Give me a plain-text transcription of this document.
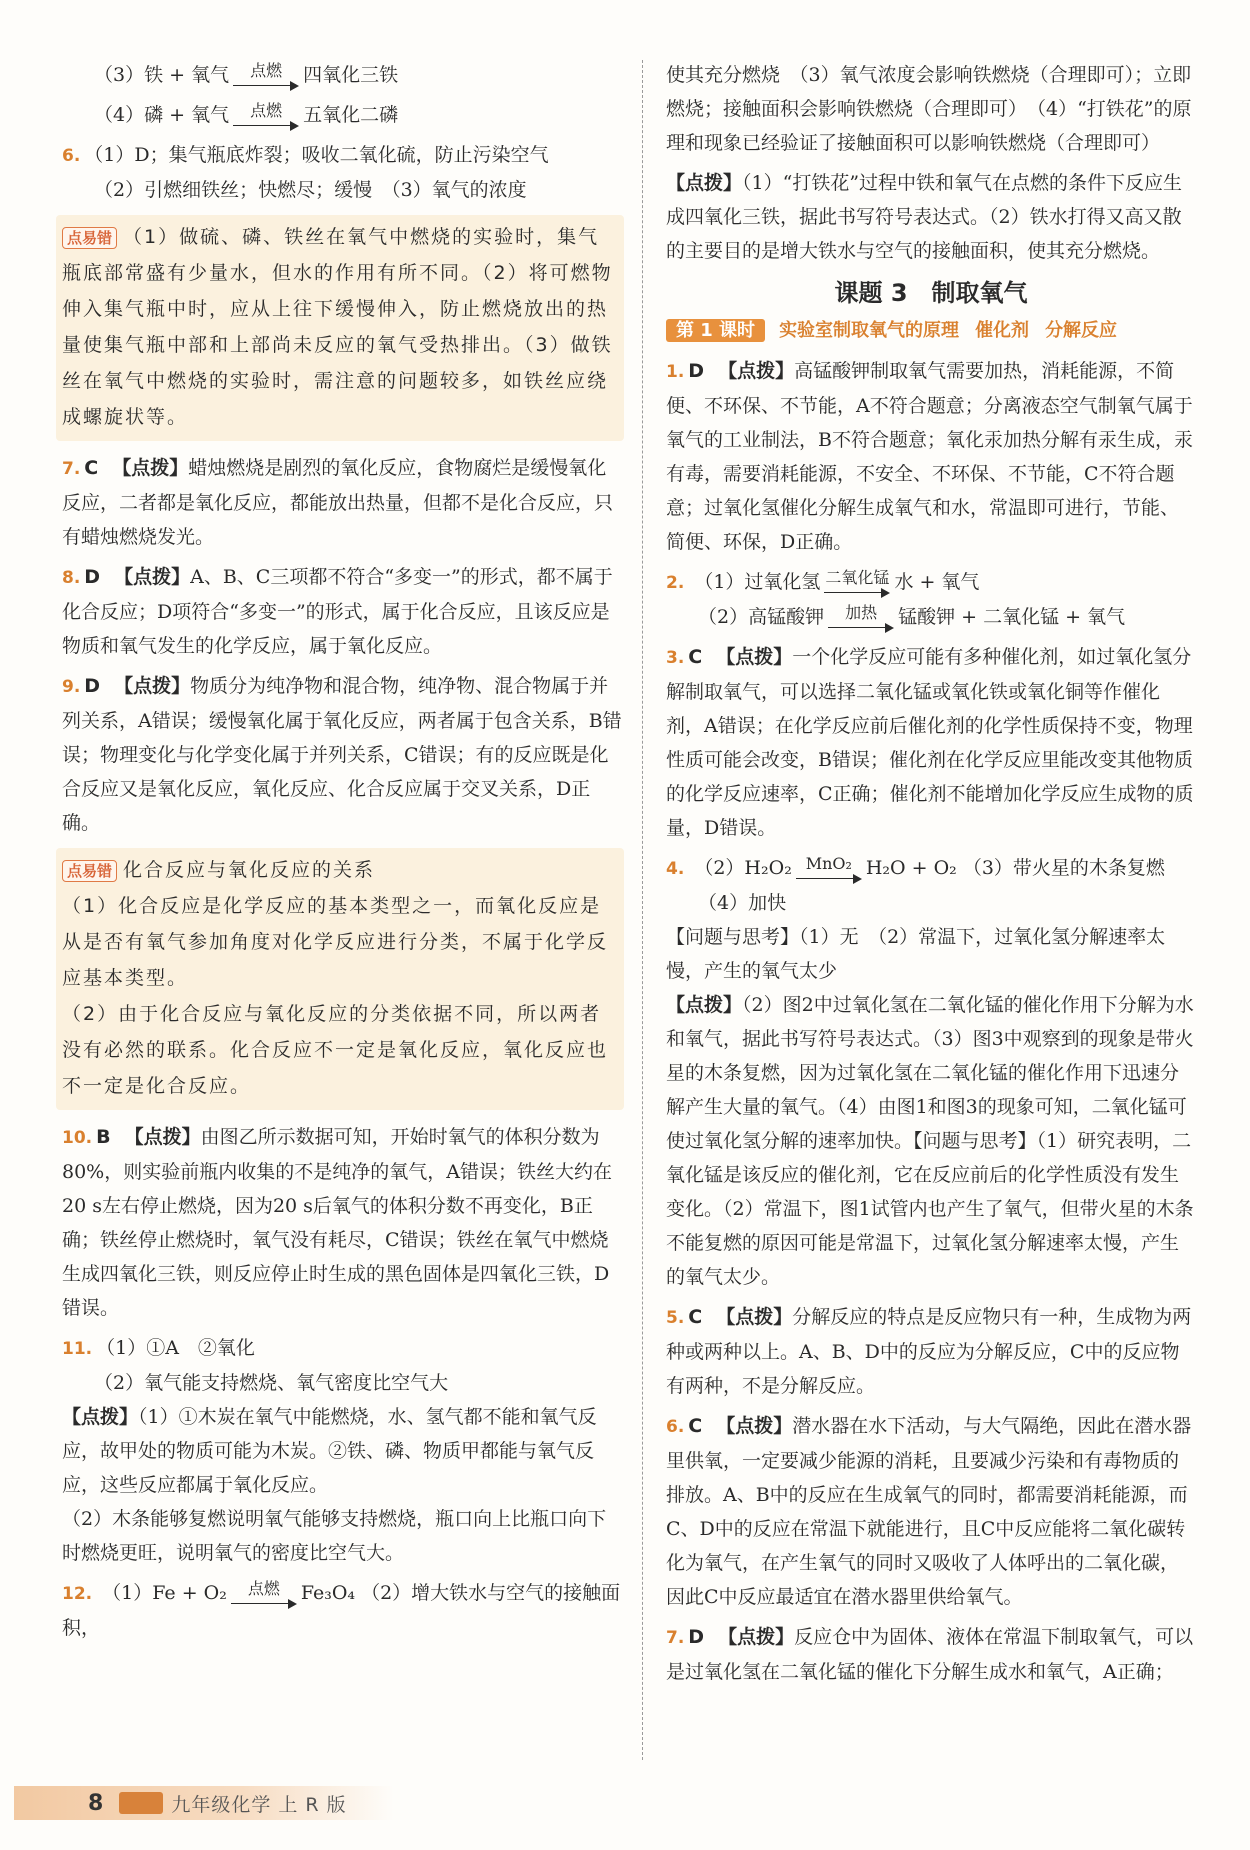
（3）铁 + 氧气 点燃 四氧化三铁

（4）磷 + 氧气 点燃 五氧化二磷

6. （1）D；集气瓶底炸裂；吸收二氧化硫，防止污染空气

（2）引燃细铁丝；快燃尽；缓慢　（3）氧气的浓度

点易错 （1）做硫、磷、铁丝在氧气中燃烧的实验时，集气瓶底部常盛有少量水，但水的作用有所不同。（2）将可燃物伸入集气瓶中时，应从上往下缓慢伸入，防止燃烧放出的热量使集气瓶中部和上部尚未反应的氧气受热排出。（3）做铁丝在氧气中燃烧的实验时，需注意的问题较多，如铁丝应绕成螺旋状等。

7. C 【点拨】蜡烛燃烧是剧烈的氧化反应，食物腐烂是缓慢氧化反应，二者都是氧化反应，都能放出热量，但都不是化合反应，只有蜡烛燃烧发光。

8. D 【点拨】A、B、C三项都不符合“多变一”的形式，都不属于化合反应；D项符合“多变一”的形式，属于化合反应，且该反应是物质和氧气发生的化学反应，属于氧化反应。

9. D 【点拨】物质分为纯净物和混合物，纯净物、混合物属于并列关系，A错误；缓慢氧化属于氧化反应，两者属于包含关系，B错误；物理变化与化学变化属于并列关系，C错误；有的反应既是化合反应又是氧化反应，氧化反应、化合反应属于交叉关系，D正确。

点易错 化合反应与氧化反应的关系

（1）化合反应是化学反应的基本类型之一，而氧化反应是从是否有氧气参加角度对化学反应进行分类，不属于化学反应基本类型。

（2）由于化合反应与氧化反应的分类依据不同，所以两者没有必然的联系。化合反应不一定是氧化反应，氧化反应也不一定是化合反应。

10. B 【点拨】由图乙所示数据可知，开始时氧气的体积分数为80%，则实验前瓶内收集的不是纯净的氧气，A错误；铁丝大约在20 s左右停止燃烧，因为20 s后氧气的体积分数不再变化，B正确；铁丝停止燃烧时，氧气没有耗尽，C错误；铁丝在氧气中燃烧生成四氧化三铁，则反应停止时生成的黑色固体是四氧化三铁，D错误。

11. （1）①A　②氧化

（2）氧气能支持燃烧、氧气密度比空气大

【点拨】（1）①木炭在氧气中能燃烧，水、氢气都不能和氧气反应，故甲处的物质可能为木炭。②铁、磷、物质甲都能与氧气反应，这些反应都属于氧化反应。

（2）木条能够复燃说明氧气能够支持燃烧，瓶口向上比瓶口向下时燃烧更旺，说明氧气的密度比空气大。

12. （1）Fe + O₂ 点燃 Fe₃O₄ （2）增大铁水与空气的接触面积，

使其充分燃烧　（3）氧气浓度会影响铁燃烧（合理即可）；立即燃烧；接触面积会影响铁燃烧（合理即可）　（4）“打铁花”的原理和现象已经验证了接触面积可以影响铁燃烧（合理即可）

【点拨】（1）“打铁花”过程中铁和氧气在点燃的条件下反应生成四氧化三铁，据此书写符号表达式。（2）铁水打得又高又散的主要目的是增大铁水与空气的接触面积，使其充分燃烧。

课题 3　制取氧气
第 1 课时 实验室制取氧气的原理 催化剂 分解反应

1. D 【点拨】高锰酸钾制取氧气需要加热，消耗能源，不简便、不环保、不节能，A不符合题意；分离液态空气制氧气属于氧气的工业制法，B不符合题意；氧化汞加热分解有汞生成，汞有毒，需要消耗能源，不安全、不环保、不节能，C不符合题意；过氧化氢催化分解生成氧气和水，常温即可进行，节能、简便、环保，D正确。

2. （1）过氧化氢 二氧化锰 水 + 氧气

（2）高锰酸钾 加热 锰酸钾 + 二氧化锰 + 氧气

3. C 【点拨】一个化学反应可能有多种催化剂，如过氧化氢分解制取氧气，可以选择二氧化锰或氧化铁或氧化铜等作催化剂，A错误；在化学反应前后催化剂的化学性质保持不变，物理性质可能会改变，B错误；催化剂在化学反应里能改变其他物质的化学反应速率，C正确；催化剂不能增加化学反应生成物的质量，D错误。

4. （2）H₂O₂ MnO₂ H₂O + O₂ （3）带火星的木条复燃

（4）加快

【问题与思考】（1）无　（2）常温下，过氧化氢分解速率太慢，产生的氧气太少

【点拨】（2）图2中过氧化氢在二氧化锰的催化作用下分解为水和氧气，据此书写符号表达式。（3）图3中观察到的现象是带火星的木条复燃，因为过氧化氢在二氧化锰的催化作用下迅速分解产生大量的氧气。（4）由图1和图3的现象可知，二氧化锰可使过氧化氢分解的速率加快。【问题与思考】（1）研究表明，二氧化锰是该反应的催化剂，它在反应前后的化学性质没有发生变化。（2）常温下，图1试管内也产生了氧气，但带火星的木条不能复燃的原因可能是常温下，过氧化氢分解速率太慢，产生的氧气太少。

5. C 【点拨】分解反应的特点是反应物只有一种，生成物为两种或两种以上。A、B、D中的反应为分解反应，C中的反应物有两种，不是分解反应。

6. C 【点拨】潜水器在水下活动，与大气隔绝，因此在潜水器里供氧，一定要减少能源的消耗，且要减少污染和有毒物质的排放。A、B中的反应在生成氧气的同时，都需要消耗能源，而C、D中的反应在常温下就能进行，且C中反应能将二氧化碳转化为氧气，在产生氧气的同时又吸收了人体呼出的二氧化碳，因此C中反应最适宜在潜水器里供给氧气。

7. D 【点拨】反应仓中为固体、液体在常温下制取氧气，可以是过氧化氢在二氧化锰的催化下分解生成水和氧气，A正确；

8	九年级化学 上 R 版
